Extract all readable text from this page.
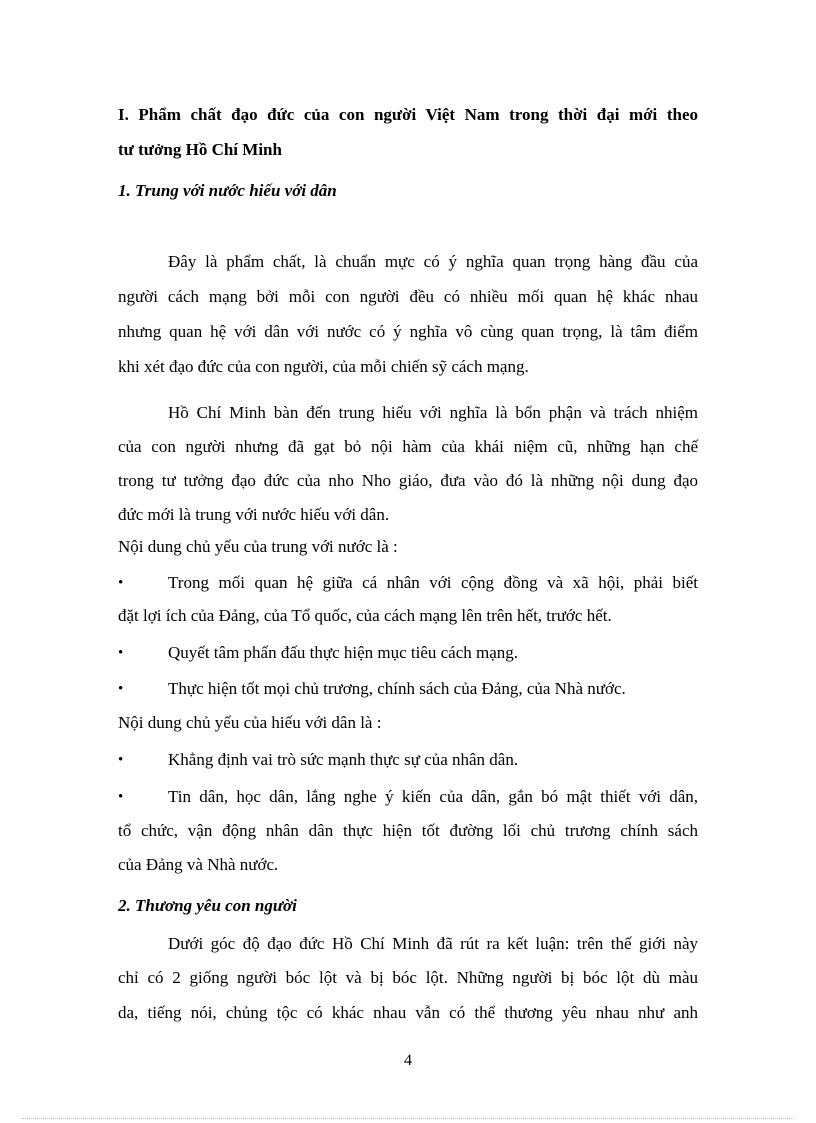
I. Phẩm chất đạo đức của con người Việt Nam trong thời đại mới theo
tư tưởng Hồ Chí Minh
1. Trung với nước hiếu với dân
Đây là phẩm chất, là chuẩn mực có ý nghĩa quan trọng hàng đầu của
người cách mạng bởi mỗi con người đều có nhiều mối quan hệ khác nhau
nhưng quan hệ với dân với nước có ý nghĩa vô cùng quan trọng, là tâm điểm
khi xét đạo đức của con người, của mỗi chiến sỹ cách mạng.
Hồ Chí Minh bàn đến trung hiếu với nghĩa là bổn phận và trách nhiệm
của con người nhưng đã gạt bỏ nội hàm của khái niệm cũ, những hạn chế
trong tư tưởng đạo đức của nho Nho giáo, đưa vào đó là những nội dung đạo
đức mới là trung với nước hiếu với dân.
Nội dung chủ yếu của trung với nước là :
•	Trong mối quan hệ giữa cá nhân với cộng đồng và xã hội, phải biết
đặt lợi ích của Đảng, của Tổ quốc, của cách mạng lên trên hết, trước hết.
•	Quyết tâm phấn đấu thực hiện mục tiêu cách mạng.
•	Thực hiện tốt mọi chủ trương, chính sách của Đảng, của Nhà nước.
Nội dung chủ yếu của hiếu với dân là :
•	Khẳng định vai trò sức mạnh thực sự của nhân dân.
•	Tin dân, học dân, lắng nghe ý kiến của dân, gắn bó mật thiết với dân,
tổ chức, vận động nhân dân thực hiện tốt đường lối chủ trương chính sách
của Đảng và Nhà nước.
2. Thương yêu con người
Dưới góc độ đạo đức Hồ Chí Minh đã rút ra kết luận: trên thế giới này
chỉ có 2 giống người bóc lột và bị bóc lột. Những người bị bóc lột dù màu
da, tiếng nói, chủng tộc có khác nhau vẫn có thể thương yêu nhau như anh
4
